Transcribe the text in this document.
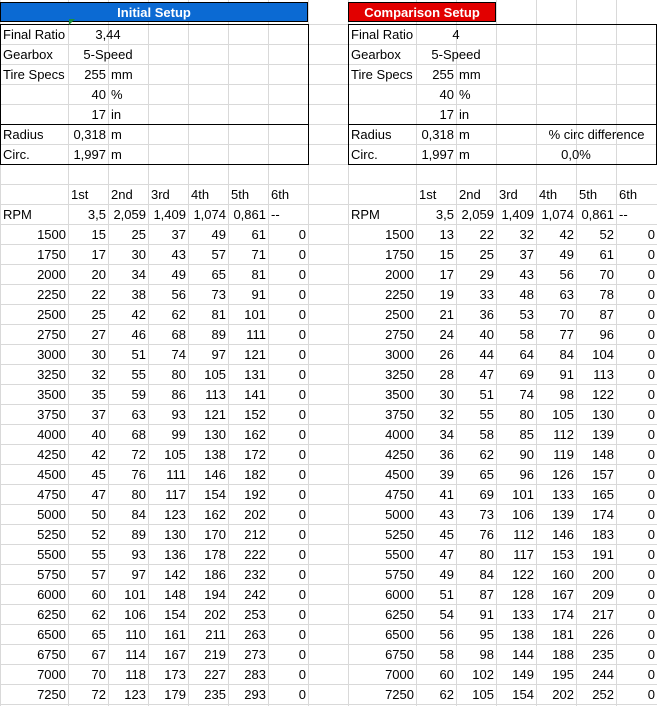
Initial Setup	Comparison Setup
Final Ratio	3,44
Gearbox	5-Speed
Tire Specs	255 mm
40 %
17 in
Radius	0,318 m
Circ.	1,997 m
Final Ratio	4
Gearbox	5-Speed
Tire Specs	255 mm
40 %
17 in
Radius	0,318 m
Circ.	1,997 m
% circ difference
0,0%
1st	2nd	3rd	4th	5th	6th
RPM	3,5 2,059 1,409 1,074 0,861 --
1500	15	25	37	49	61	0
1750	17	30	43	57	71	0
2000	20	34	49	65	81	0
2250	22	38	56	73	91	0
2500	25	42	62	81	101	0
2750	27	46	68	89	111	0
3000	30	51	74	97	121	0
3250	32	55	80	105	131	0
3500	35	59	86	113	141	0
3750	37	63	93	121	152	0
4000	40	68	99	130	162	0
4250	42	72	105	138	172	0
4500	45	76	111	146	182	0
4750	47	80	117	154	192	0
5000	50	84	123	162	202	0
5250	52	89	130	170	212	0
5500	55	93	136	178	222	0
5750	57	97	142	186	232	0
6000	60	101	148	194	242	0
6250	62	106	154	202	253	0
6500	65	110	161	211	263	0
6750	67	114	167	219	273	0
7000	70	118	173	227	283	0
7250	72	123	179	235	293	0
1st	2nd	3rd	4th	5th	6th
RPM	3,5 2,059 1,409 1,074 0,861 --
1500	13	22	32	42	52	0
1750	15	25	37	49	61	0
2000	17	29	43	56	70	0
2250	19	33	48	63	78	0
2500	21	36	53	70	87	0
2750	24	40	58	77	96	0
3000	26	44	64	84	104	0
3250	28	47	69	91	113	0
3500	30	51	74	98	122	0
3750	32	55	80	105	130	0
4000	34	58	85	112	139	0
4250	36	62	90	119	148	0
4500	39	65	96	126	157	0
4750	41	69	101	133	165	0
5000	43	73	106	139	174	0
5250	45	76	112	146	183	0
5500	47	80	117	153	191	0
5750	49	84	122	160	200	0
6000	51	87	128	167	209	0
6250	54	91	133	174	217	0
6500	56	95	138	181	226	0
6750	58	98	144	188	235	0
7000	60	102	149	195	244	0
7250	62	105	154	202	252	0
